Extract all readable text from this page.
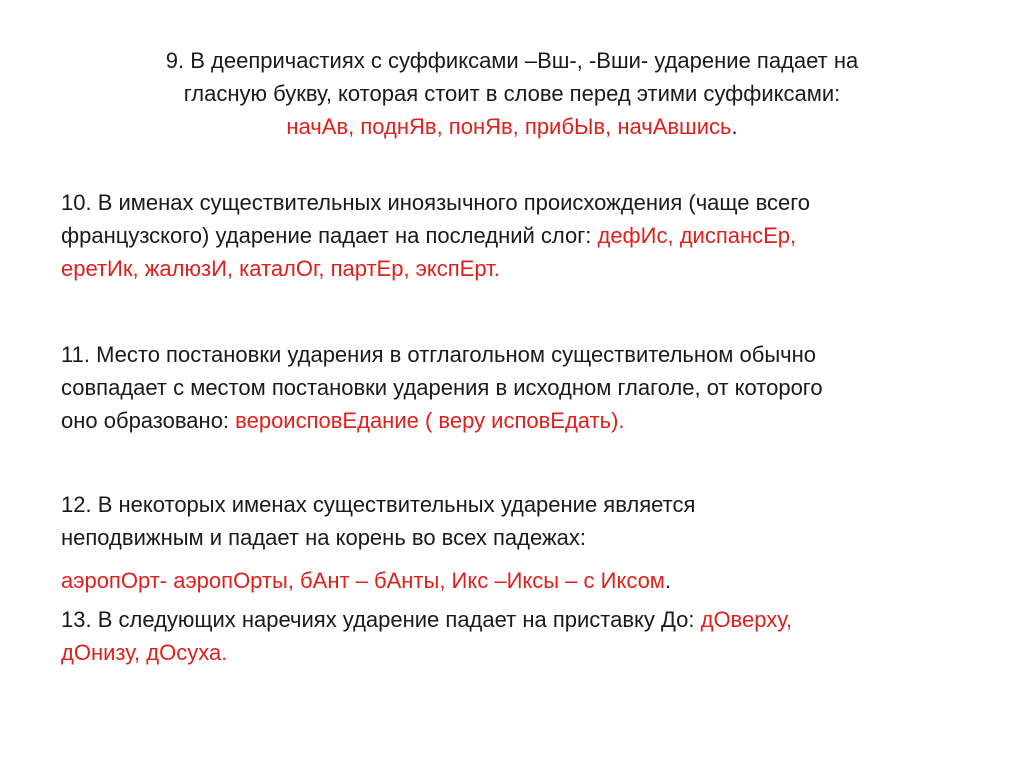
9. В деепричастиях с суффиксами –Вш-, -Вши- ударение падает на
гласную букву, которая стоит в слове перед этими суффиксами:
начАв, поднЯв, понЯв, прибЫв, начАвшись.
10. В именах существительных иноязычного происхождения (чаще всего
французского) ударение падает на последний слог: дефИс, диспансЕр,
еретИк, жалюзИ, каталОг, партЕр, экспЕрт.
11. Место постановки ударения в отглагольном существительном обычно
совпадает с местом постановки ударения в исходном глаголе, от которого
оно образовано: вероисповЕдание ( веру исповЕдать).
12. В некоторых именах существительных ударение является
неподвижным и падает на корень во всех падежах:
аэропОрт- аэропОрты, бАнт – бАнты, Икс –Иксы – с Иксом.
13. В следующих наречиях ударение падает на приставку До: дОверху,
дОнизу, дОсуха.
